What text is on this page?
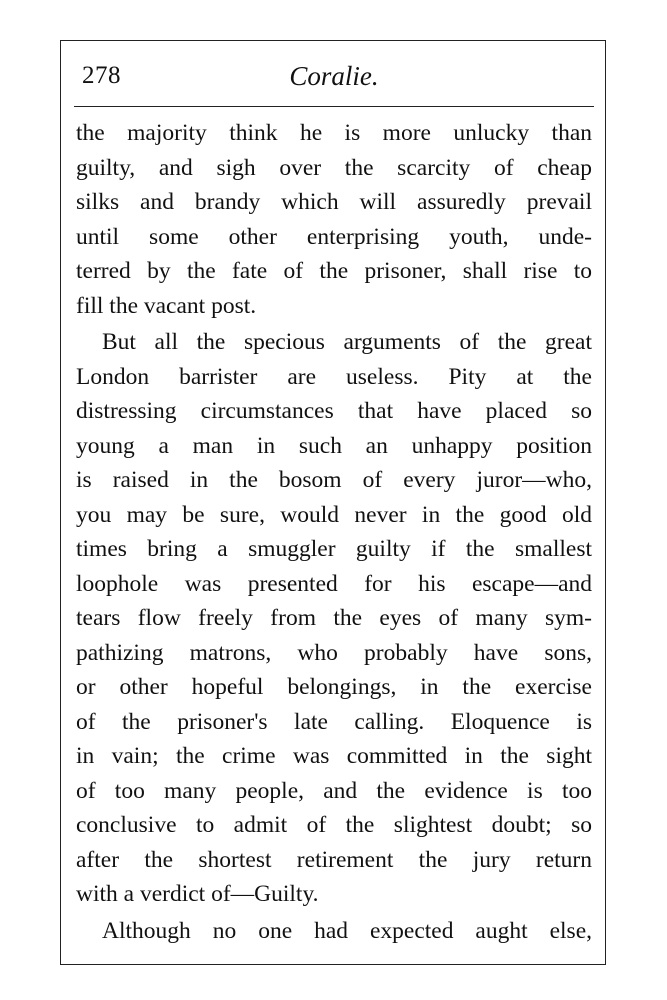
278	Coralie.
the majority think he is more unlucky than
guilty, and sigh over the scarcity of cheap
silks and brandy which will assuredly prevail
until some other enterprising youth, unde-
terred by the fate of the prisoner, shall rise to
fill the vacant post.
But all the specious arguments of the great
London barrister are useless. Pity at the
distressing circumstances that have placed so
young a man in such an unhappy position
is raised in the bosom of every juror—who,
you may be sure, would never in the good old
times bring a smuggler guilty if the smallest
loophole was presented for his escape—and
tears flow freely from the eyes of many sym-
pathizing matrons, who probably have sons,
or other hopeful belongings, in the exercise
of the prisoner's late calling. Eloquence is
in vain; the crime was committed in the sight
of too many people, and the evidence is too
conclusive to admit of the slightest doubt; so
after the shortest retirement the jury return
with a verdict of—Guilty.
Although no one had expected aught else,
